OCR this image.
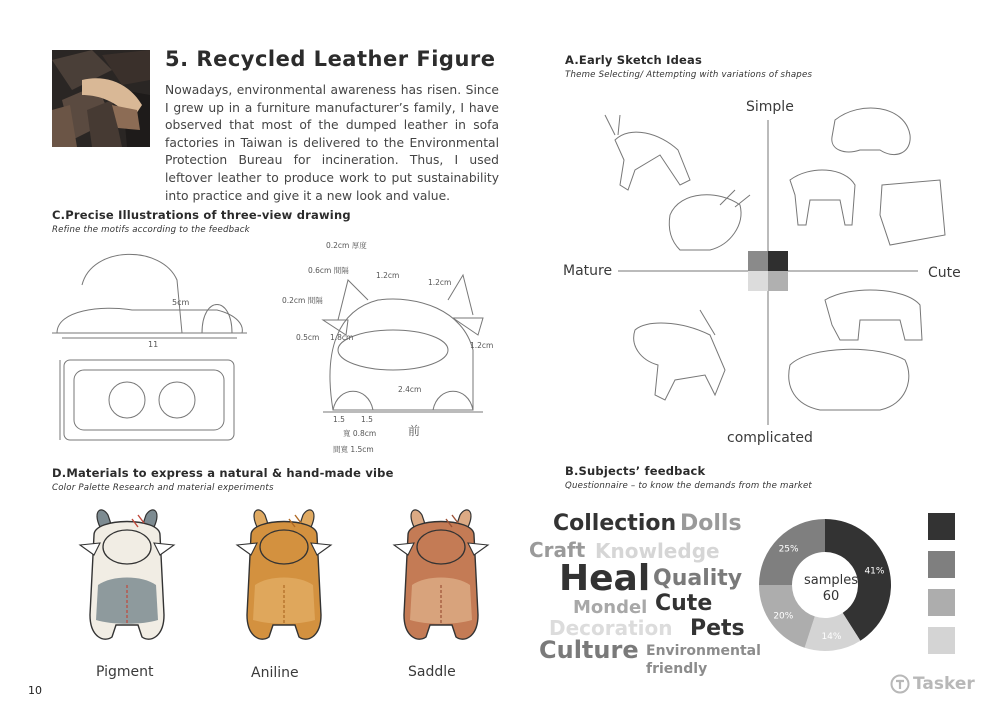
5. Recycled Leather Figure
Nowadays, environmental awareness has risen. Since I grew up in a furniture manufacturer’s family, I have observed that most of the dumped leather in sofa factories in Taiwan is delivered to the Environmental Protection Bureau for incineration. Thus, I used leftover leather to produce work to put sustainability into practice and give it a new look and value.
A.Early Sketch Ideas
Theme Selecting/ Attempting with variations of shapes
Simple
complicated
Mature	Cute
C.Precise Illustrations of three-view drawing
Refine the motifs according to the feedback
11
5cm
0.2cm 厚度
0.6cm 間隔
1.2cm
0.2cm 間隔
1.2cm
1.8cm
0.5cm
1.2cm
2.4cm
1.5 1.5
寬 0.8cm
間寬 1.5cm
前
D.Materials to express a natural & hand-made vibe
Color Palette Research and material experiments
Pigment	Aniline	Saddle
B.Subjects’ feedback
Questionnaire – to know the demands from the market
Collection Dolls
Craft Knowledge
Heal Quality
Mondel Cute
Decoration Pets
Culture Environmental
friendly
41%
14%
20%
25%
samples
60
10	Tasker
